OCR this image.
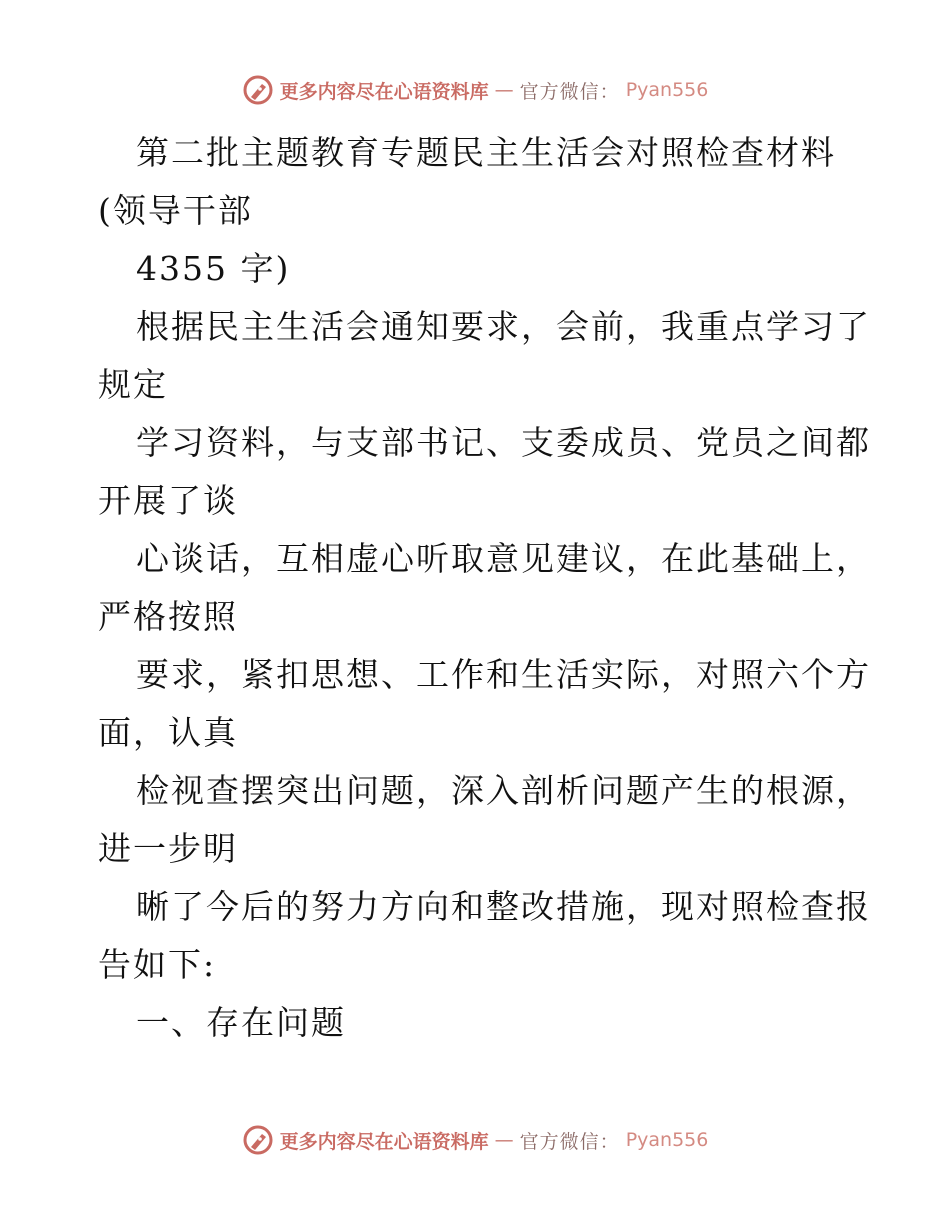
更多内容尽在心语资料库 — 官方微信： Pyan556
第二批主题教育专题民主生活会对照检查材料
(领导干部
4355 字)
根据民主生活会通知要求，会前，我重点学习了
规定
学习资料，与支部书记、支委成员、党员之间都
开展了谈
心谈话，互相虚心听取意见建议，在此基础上，
严格按照
要求，紧扣思想、工作和生活实际，对照六个方
面，认真
检视查摆突出问题，深入剖析问题产生的根源，
进一步明
晰了今后的努力方向和整改措施，现对照检查报
告如下:
一、存在问题
更多内容尽在心语资料库 — 官方微信： Pyan556
